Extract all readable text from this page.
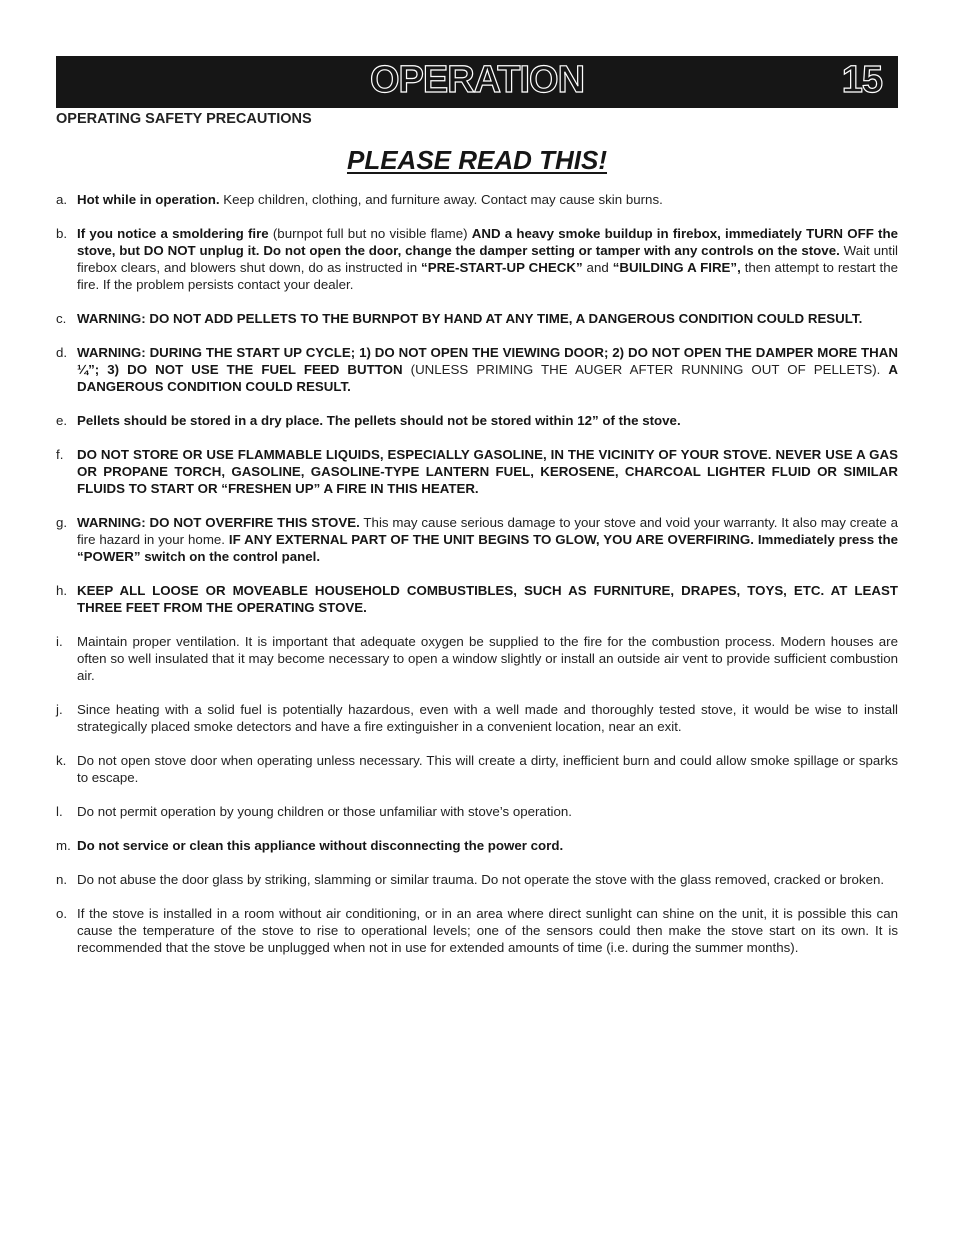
OPERATION	15
OPERATING SAFETY PRECAUTIONS
PLEASE READ THIS!
a. Hot while in operation. Keep children, clothing, and furniture away. Contact may cause skin burns.
b. If you notice a smoldering fire (burnpot full but no visible flame) AND a heavy smoke buildup in firebox, immediately TURN OFF the stove, but DO NOT unplug it. Do not open the door, change the damper setting or tamper with any controls on the stove. Wait until firebox clears, and blowers shut down, do as instructed in “PRE-START-UP CHECK” and “BUILDING A FIRE”, then attempt to restart the fire. If the problem persists contact your dealer.
c. WARNING: DO NOT ADD PELLETS TO THE BURNPOT BY HAND AT ANY TIME, A DANGEROUS CONDITION COULD RESULT.
d. WARNING: DURING THE START UP CYCLE; 1) DO NOT OPEN THE VIEWING DOOR; 2) DO NOT OPEN THE DAMPER MORE THAN ¼”; 3) DO NOT USE THE FUEL FEED BUTTON (UNLESS PRIMING THE AUGER AFTER RUNNING OUT OF PELLETS). A DANGEROUS CONDITION COULD RESULT.
e. Pellets should be stored in a dry place. The pellets should not be stored within 12” of the stove.
f. DO NOT STORE OR USE FLAMMABLE LIQUIDS, ESPECIALLY GASOLINE, IN THE VICINITY OF YOUR STOVE. NEVER USE A GAS OR PROPANE TORCH, GASOLINE, GASOLINE-TYPE LANTERN FUEL, KEROSENE, CHARCOAL LIGHTER FLUID OR SIMILAR FLUIDS TO START OR “FRESHEN UP” A FIRE IN THIS HEATER.
g. WARNING: DO NOT OVERFIRE THIS STOVE. This may cause serious damage to your stove and void your warranty. It also may create a fire hazard in your home. IF ANY EXTERNAL PART OF THE UNIT BEGINS TO GLOW, YOU ARE OVERFIRING. Immediately press the “POWER” switch on the control panel.
h. KEEP ALL LOOSE OR MOVEABLE HOUSEHOLD COMBUSTIBLES, SUCH AS FURNITURE, DRAPES, TOYS, ETC. AT LEAST THREE FEET FROM THE OPERATING STOVE.
i. Maintain proper ventilation. It is important that adequate oxygen be supplied to the fire for the combustion process. Modern houses are often so well insulated that it may become necessary to open a window slightly or install an outside air vent to provide sufficient combustion air.
j. Since heating with a solid fuel is potentially hazardous, even with a well made and thoroughly tested stove, it would be wise to install strategically placed smoke detectors and have a fire extinguisher in a convenient location, near an exit.
k. Do not open stove door when operating unless necessary. This will create a dirty, inefficient burn and could allow smoke spillage or sparks to escape.
l. Do not permit operation by young children or those unfamiliar with stove’s operation.
m. Do not service or clean this appliance without disconnecting the power cord.
n. Do not abuse the door glass by striking, slamming or similar trauma. Do not operate the stove with the glass removed, cracked or broken.
o. If the stove is installed in a room without air conditioning, or in an area where direct sunlight can shine on the unit, it is possible this can cause the temperature of the stove to rise to operational levels; one of the sensors could then make the stove start on its own. It is recommended that the stove be unplugged when not in use for extended amounts of time (i.e. during the summer months).
